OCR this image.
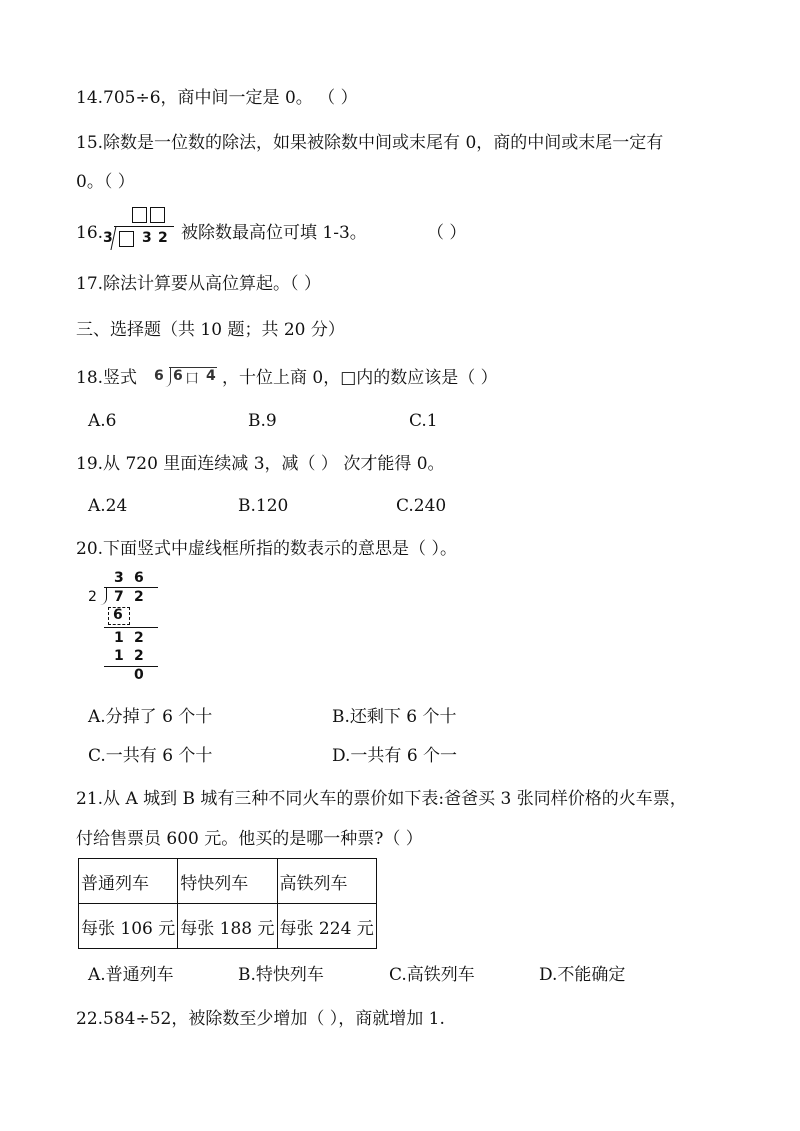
14.705÷6，商中间一定是 0。 （ ）
15.除数是一位数的除法，如果被除数中间或末尾有 0，商的中间或末尾一定有
0。（ ）
16. 3 3 2 被除数最高位可填 1-3。	（ ）
17.除法计算要从高位算起。（ ）
三、选择题（共 10 题；共 20 分）
18.竖式 6 6 口 4 ，十位上商 0，□内的数应该是（ ）
A.6	B.9	C.1
19.从 720 里面连续减 3，减（ ） 次才能得 0。
A.24	B.120	C.240
20.下面竖式中虚线框所指的数表示的意思是（ ）。
3 6
2 7 2
6
1 2
1 2
0
A.分掉了 6 个十	B.还剩下 6 个十
C.一共有 6 个十	D.一共有 6 个一
21.从 A 城到 B 城有三种不同火车的票价如下表:爸爸买 3 张同样价格的火车票，
付给售票员 600 元。他买的是哪一种票?（ ）
普通列车	特快列车	高铁列车
每张 106 元	每张 188 元	每张 224 元
A.普通列车	B.特快列车	C.高铁列车	D.不能确定
22.584÷52，被除数至少增加（ ），商就增加 1.
